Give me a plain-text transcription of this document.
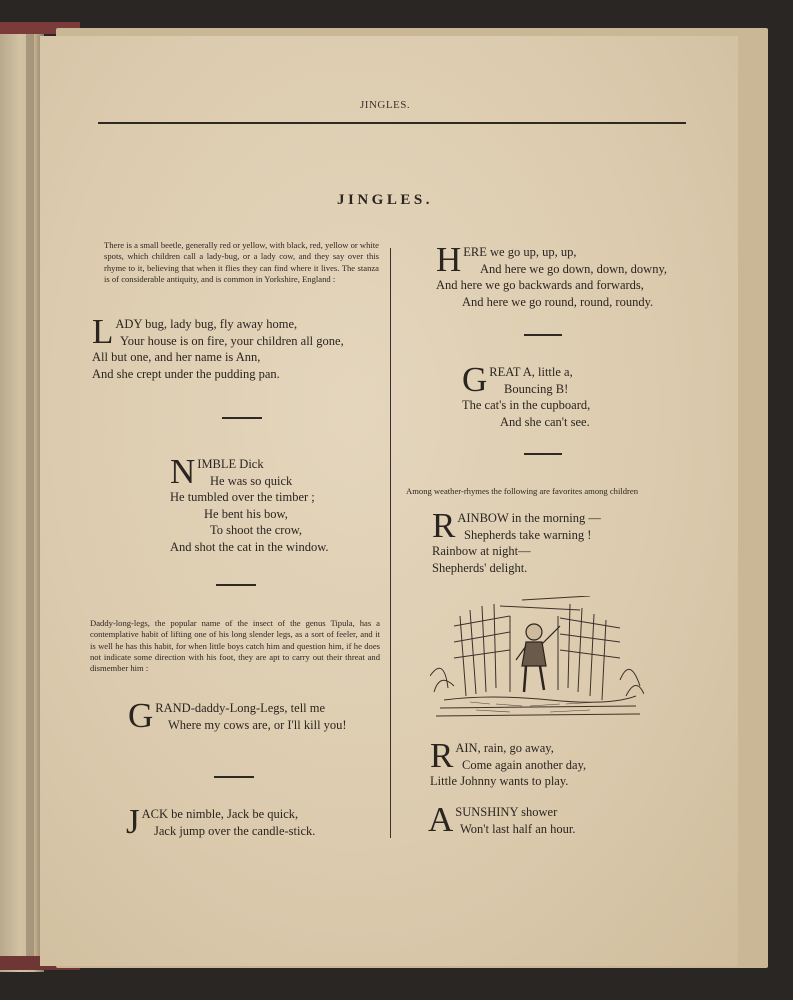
JINGLES.
JINGLES.
There is a small beetle, generally red or yellow, with black, red, yellow or white spots, which children call a lady-bug, or a lady cow, and they say over this rhyme to it, believing that when it flies they can find where it lives. The stanza is of considerable antiquity, and is common in Yorkshire, England :
LADY bug, lady bug, fly away home,
Your house is on fire, your children all gone,
All but one, and her name is Ann,
And she crept under the pudding pan.
NIMBLE Dick
He was so quick
He tumbled over the timber ;
He bent his bow,
To shoot the crow,
And shot the cat in the window.
Daddy-long-legs, the popular name of the insect of the genus Tipula, has a contemplative habit of lifting one of his long slender legs, as a sort of feeler, and it is well he has this habit, for when little boys catch him and question him, if he does not indicate some direction with his foot, they are apt to carry out their threat and dismember him :
GRAND-daddy-Long-Legs, tell me
Where my cows are, or I'll kill you!
JACK be nimble, Jack be quick,
Jack jump over the candle-stick.
HERE we go up, up, up,
And here we go down, down, downy,
And here we go backwards and forwards,
And here we go round, round, roundy.
GREAT A, little a,
Bouncing B!
The cat's in the cupboard,
And she can't see.
Among weather-rhymes the following are favorites among children
RAINBOW in the morning —
Shepherds take warning !
Rainbow at night—
Shepherds' delight.
RAIN, rain, go away,
Come again another day,
Little Johnny wants to play.
ASUNSHINY shower
Won't last half an hour.
